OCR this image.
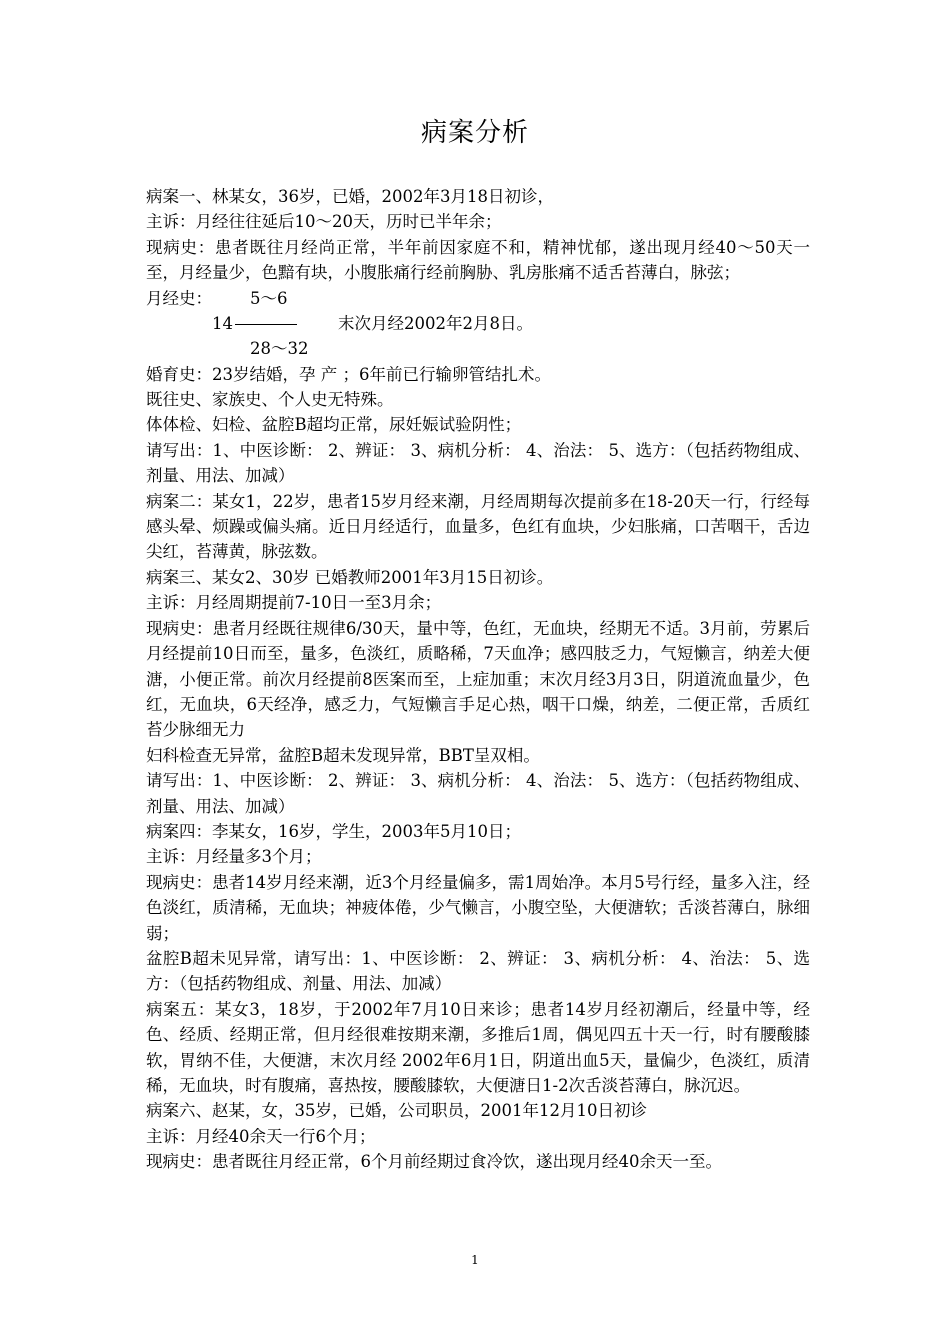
病案分析

病案一、林某女，36岁，已婚，2002年3月18日初诊，

主诉：月经往往延后10～20天，历时已半年余；

现病史：患者既往月经尚正常，半年前因家庭不和，精神忧郁，遂出现月经40～50天一至，月经量少，色黯有块，小腹胀痛行经前胸胁、乳房胀痛不适舌苔薄白，脉弦；

月经史： 5～6
14	末次月经2002年2月8日。
28～32

婚育史：23岁结婚，孕 产 ；6年前已行输卵管结扎术。

既往史、家族史、个人史无特殊。

体体检、妇检、盆腔B超均正常，尿妊娠试验阴性；

请写出：1、中医诊断： 2、辨证： 3、病机分析： 4、治法： 5、选方：（包括药物组成、剂量、用法、加减）

病案二：某女1，22岁，患者15岁月经来潮，月经周期每次提前多在18-20天一行，行经每感头晕、烦躁或偏头痛。近日月经适行，血量多，色红有血块，少妇胀痛，口苦咽干，舌边尖红，苔薄黄，脉弦数。

病案三、某女2、30岁 已婚教师2001年3月15日初诊。

主诉：月经周期提前7-10日一至3月余；

现病史：患者月经既往规律6/30天，量中等，色红，无血块，经期无不适。3月前，劳累后月经提前10日而至，量多，色淡红，质略稀，7天血净；感四肢乏力，气短懒言，纳差大便溏，小便正常。前次月经提前8医案而至，上症加重；末次月经3月3日，阴道流血量少，色红，无血块，6天经净，感乏力，气短懒言手足心热，咽干口燥，纳差，二便正常，舌质红苔少脉细无力

妇科检查无异常，盆腔B超未发现异常，BBT呈双相。

请写出：1、中医诊断： 2、辨证： 3、病机分析： 4、治法： 5、选方：（包括药物组成、剂量、用法、加减）

病案四：李某女，16岁，学生，2003年5月10日；

主诉：月经量多3个月；

现病史：患者14岁月经来潮，近3个月经量偏多，需1周始净。本月5号行经，量多入注，经色淡红，质清稀，无血块；神疲体倦，少气懒言，小腹空坠，大便溏软；舌淡苔薄白，脉细弱；

盆腔B超未见异常，请写出：1、中医诊断： 2、辨证： 3、病机分析： 4、治法： 5、选方：（包括药物组成、剂量、用法、加减）

病案五：某女3，18岁，于2002年7月10日来诊；患者14岁月经初潮后，经量中等，经色、经质、经期正常，但月经很难按期来潮，多推后1周，偶见四五十天一行，时有腰酸膝软，胃纳不佳，大便溏，末次月经 2002年6月1日，阴道出血5天，量偏少，色淡红，质清稀，无血块，时有腹痛，喜热按，腰酸膝软，大便溏日1-2次舌淡苔薄白，脉沉迟。

病案六、赵某，女，35岁，已婚，公司职员，2001年12月10日初诊

主诉：月经40余天一行6个月；

现病史：患者既往月经正常，6个月前经期过食冷饮，遂出现月经40余天一至。

1
